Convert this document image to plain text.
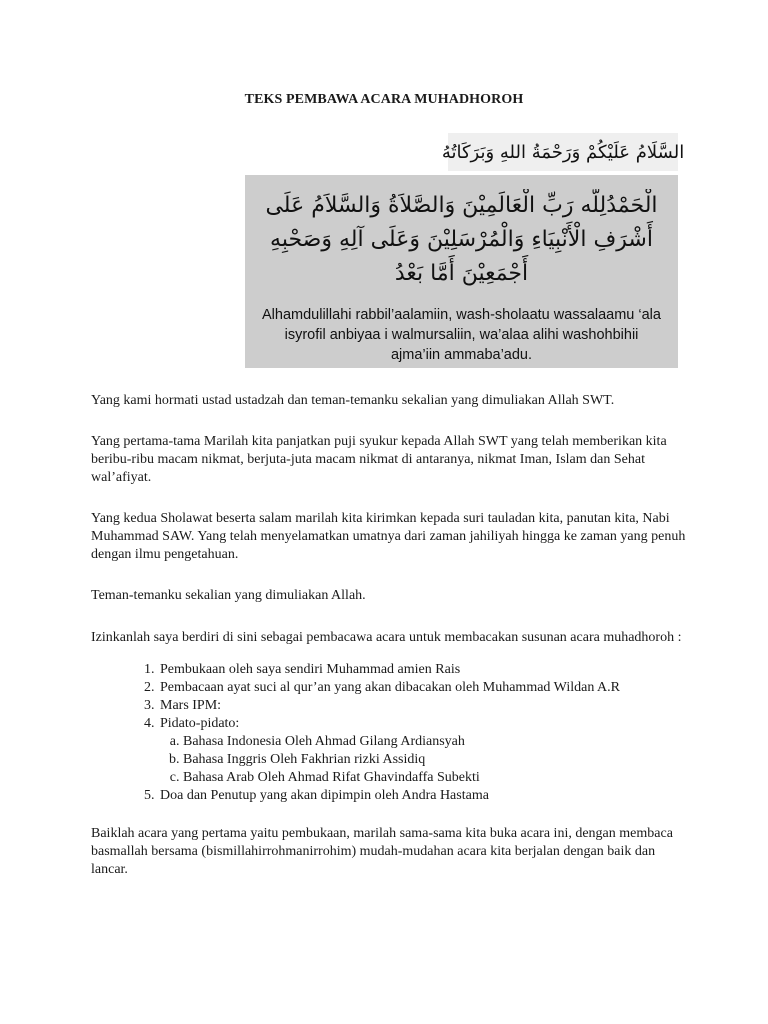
TEKS PEMBAWA ACARA MUHADHOROH
السَّلَامُ عَلَيْكُمْ وَرَحْمَةُ اللهِ وَبَرَكَاتُهُ
الْحَمْدُلِلَّه رَبِّ الْعَالَمِيْنَ وَالصَّلاَةُ وَالسَّلاَمُ عَلَى أَشْرَفِ الْأَنْبِيَاءِ وَالْمُرْسَلِيْنَ وَعَلَى آلِهِ وَصَحْبِهِ أَجْمَعِيْنَ أَمَّا بَعْدُ
Alhamdulillahi rabbil’aalamiin, wash-sholaatu wassalaamu ‘ala isyrofil anbiyaa i walmursaliin, wa’alaa alihi washohbihii ajma’iin ammaba’adu.

Yang kami hormati ustad ustadzah dan teman-temanku sekalian yang dimuliakan Allah SWT.

Yang pertama-tama Marilah kita panjatkan puji syukur kepada Allah SWT yang telah memberikan kita beribu-ribu macam nikmat, berjuta-juta macam nikmat di antaranya, nikmat Iman, Islam dan Sehat wal’afiyat.

Yang kedua Sholawat beserta salam marilah kita kirimkan kepada suri tauladan kita, panutan kita, Nabi Muhammad SAW. Yang telah menyelamatkan umatnya dari zaman jahiliyah hingga ke zaman yang penuh dengan ilmu pengetahuan.

Teman-temanku sekalian yang dimuliakan Allah.

Izinkanlah saya berdiri di sini sebagai pembacawa acara untuk membacakan susunan acara muhadhoroh :

1. Pembukaan oleh saya sendiri Muhammad amien Rais
2. Pembacaan ayat suci al qur’an yang akan dibacakan oleh Muhammad Wildan A.R
3. Mars IPM:
4. Pidato-pidato:
a. Bahasa Indonesia Oleh Ahmad Gilang Ardiansyah
b. Bahasa Inggris Oleh Fakhrian rizki Assidiq
c. Bahasa Arab Oleh Ahmad Rifat Ghavindaffa Subekti
5. Doa dan Penutup yang akan dipimpin oleh Andra Hastama

Baiklah acara yang pertama yaitu pembukaan, marilah sama-sama kita buka acara ini, dengan membaca basmallah bersama (bismillahirrohmanirrohim) mudah-mudahan acara kita berjalan dengan baik dan lancar.
